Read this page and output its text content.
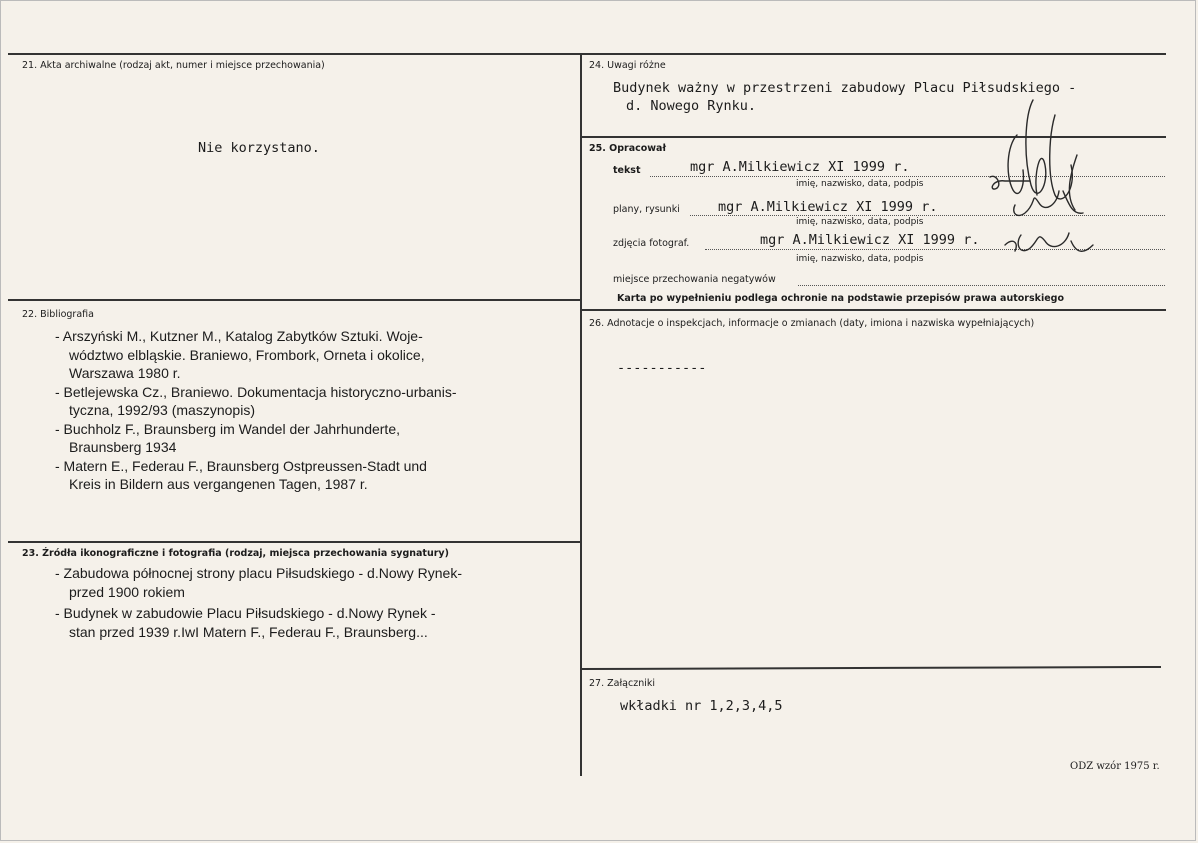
21. Akta archiwalne (rodzaj akt, numer i miejsce przechowania)
Nie korzystano.
22. Bibliografia
- Arszyński M., Kutzner M., Katalog Zabytków Sztuki. Woje-
wództwo elbląskie. Braniewo, Frombork, Orneta i okolice,
Warszawa 1980 r.
- Betlejewska Cz., Braniewo. Dokumentacja historyczno-urbanis-
tyczna, 1992/93 (maszynopis)
- Buchholz F., Braunsberg im Wandel der Jahrhunderte,
Braunsberg 1934
- Matern E., Federau F., Braunsberg Ostpreussen-Stadt und
Kreis in Bildern aus vergangenen Tagen, 1987 r.
23. Źródła ikonograficzne i fotografia (rodzaj, miejsca przechowania sygnatury)
- Zabudowa północnej strony placu Piłsudskiego - d.Nowy Rynek-
przed 1900 rokiem
- Budynek w zabudowie Placu Piłsudskiego - d.Nowy Rynek -
stan przed 1939 r.IwI Matern F., Federau F., Braunsberg...
24. Uwagi różne
Budynek ważny w przestrzeni zabudowy Placu Piłsudskiego -
d. Nowego Rynku.
25. Opracował
tekst	mgr A.Milkiewicz XI 1999 r.
imię, nazwisko, data, podpis
plany, rysunki	mgr A.Milkiewicz XI 1999 r.
imię, nazwisko, data, podpis
zdjęcia fotograf.	mgr A.Milkiewicz XI 1999 r.
imię, nazwisko, data, podpis
miejsce przechowania negatywów
Karta po wypełnieniu podlega ochronie na podstawie przepisów prawa autorskiego
26. Adnotacje o inspekcjach, informacje o zmianach (daty, imiona i nazwiska wypełniających)
-----------
27. Załączniki
wkładki nr 1,2,3,4,5
ODZ wzór 1975 r.
